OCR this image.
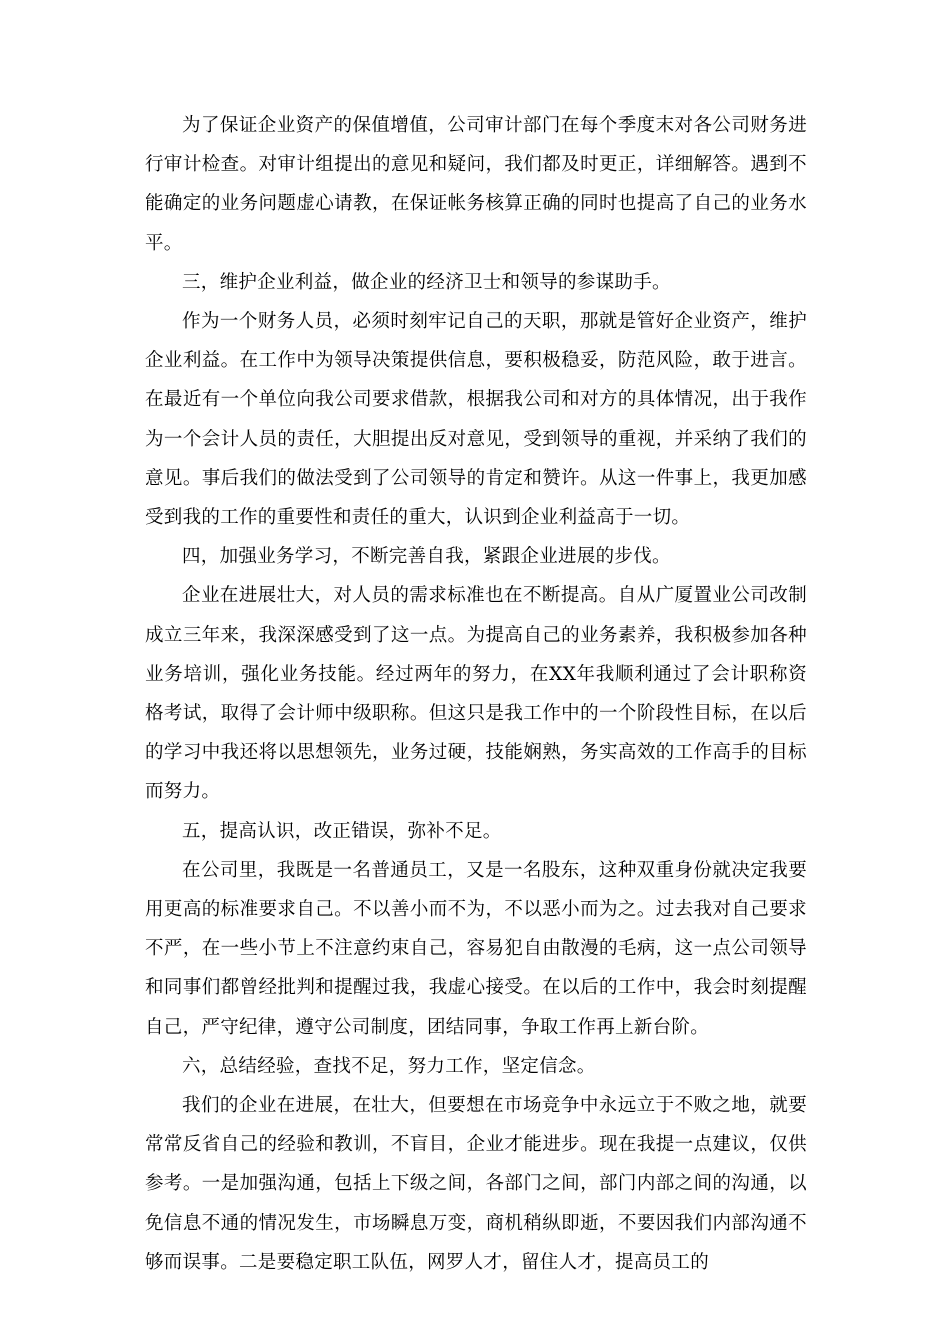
为了保证企业资产的保值增值，公司审计部门在每个季度末对各公司财务进行审计检查。对审计组提出的意见和疑问，我们都及时更正，详细解答。遇到不能确定的业务问题虚心请教，在保证帐务核算正确的同时也提高了自己的业务水平。

三，维护企业利益，做企业的经济卫士和领导的参谋助手。

作为一个财务人员，必须时刻牢记自己的天职，那就是管好企业资产，维护企业利益。在工作中为领导决策提供信息，要积极稳妥，防范风险，敢于进言。在最近有一个单位向我公司要求借款，根据我公司和对方的具体情况，出于我作为一个会计人员的责任，大胆提出反对意见，受到领导的重视，并采纳了我们的意见。事后我们的做法受到了公司领导的肯定和赞许。从这一件事上，我更加感受到我的工作的重要性和责任的重大，认识到企业利益高于一切。

四，加强业务学习，不断完善自我，紧跟企业进展的步伐。

企业在进展壮大，对人员的需求标准也在不断提高。自从广厦置业公司改制成立三年来，我深深感受到了这一点。为提高自己的业务素养，我积极参加各种业务培训，强化业务技能。经过两年的努力，在XX年我顺利通过了会计职称资格考试，取得了会计师中级职称。但这只是我工作中的一个阶段性目标，在以后的学习中我还将以思想领先，业务过硬，技能娴熟，务实高效的工作高手的目标而努力。

五，提高认识，改正错误，弥补不足。

在公司里，我既是一名普通员工，又是一名股东，这种双重身份就决定我要用更高的标准要求自己。不以善小而不为，不以恶小而为之。过去我对自己要求不严，在一些小节上不注意约束自己，容易犯自由散漫的毛病，这一点公司领导和同事们都曾经批判和提醒过我，我虚心接受。在以后的工作中，我会时刻提醒自己，严守纪律，遵守公司制度，团结同事，争取工作再上新台阶。

六，总结经验，查找不足，努力工作，坚定信念。

我们的企业在进展，在壮大，但要想在市场竞争中永远立于不败之地，就要常常反省自己的经验和教训，不盲目，企业才能进步。现在我提一点建议，仅供参考。一是加强沟通，包括上下级之间，各部门之间，部门内部之间的沟通，以免信息不通的情况发生，市场瞬息万变，商机稍纵即逝，不要因我们内部沟通不够而误事。二是要稳定职工队伍，网罗人才，留住人才，提高员工的
